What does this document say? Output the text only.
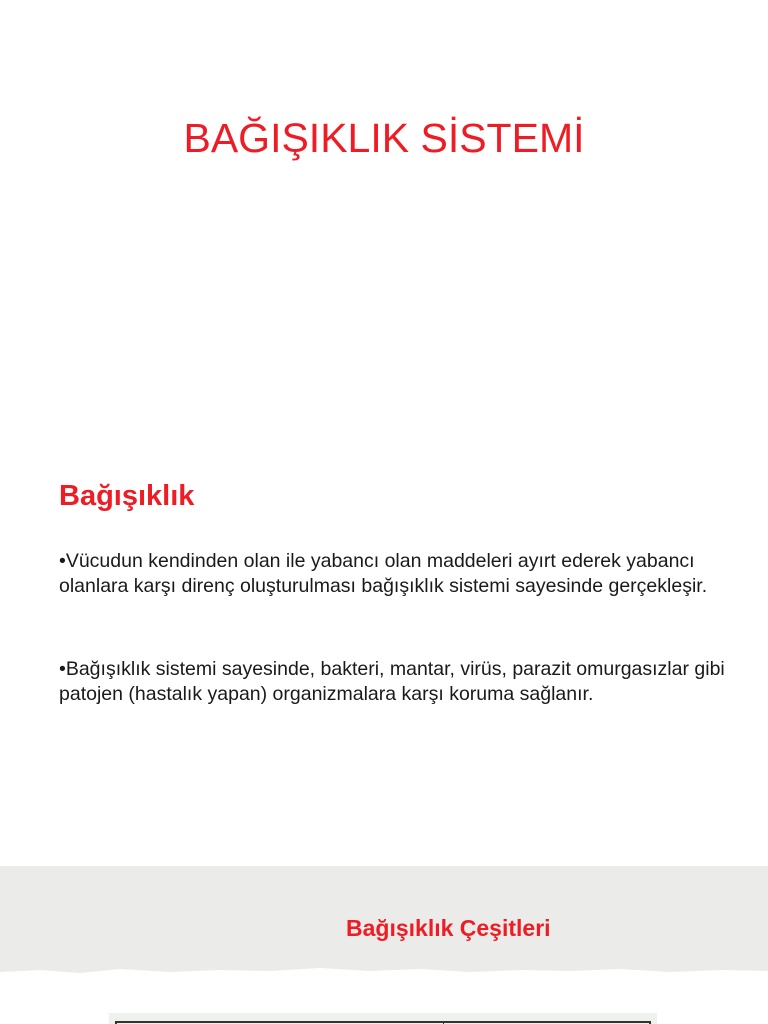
BAĞIŞIKLIK SİSTEMİ
Bağışıklık

•Vücudun kendinden olan ile yabancı olan maddeleri ayırt ederek yabancı olanlara karşı direnç oluşturulması bağışıklık sistemi sayesinde gerçekleşir.

•Bağışıklık sistemi sayesinde, bakteri, mantar, virüs, parazit omurgasızlar gibi patojen (hastalık yapan) organizmalara karşı koruma sağlanır.

Bağışıklık Çeşitleri
